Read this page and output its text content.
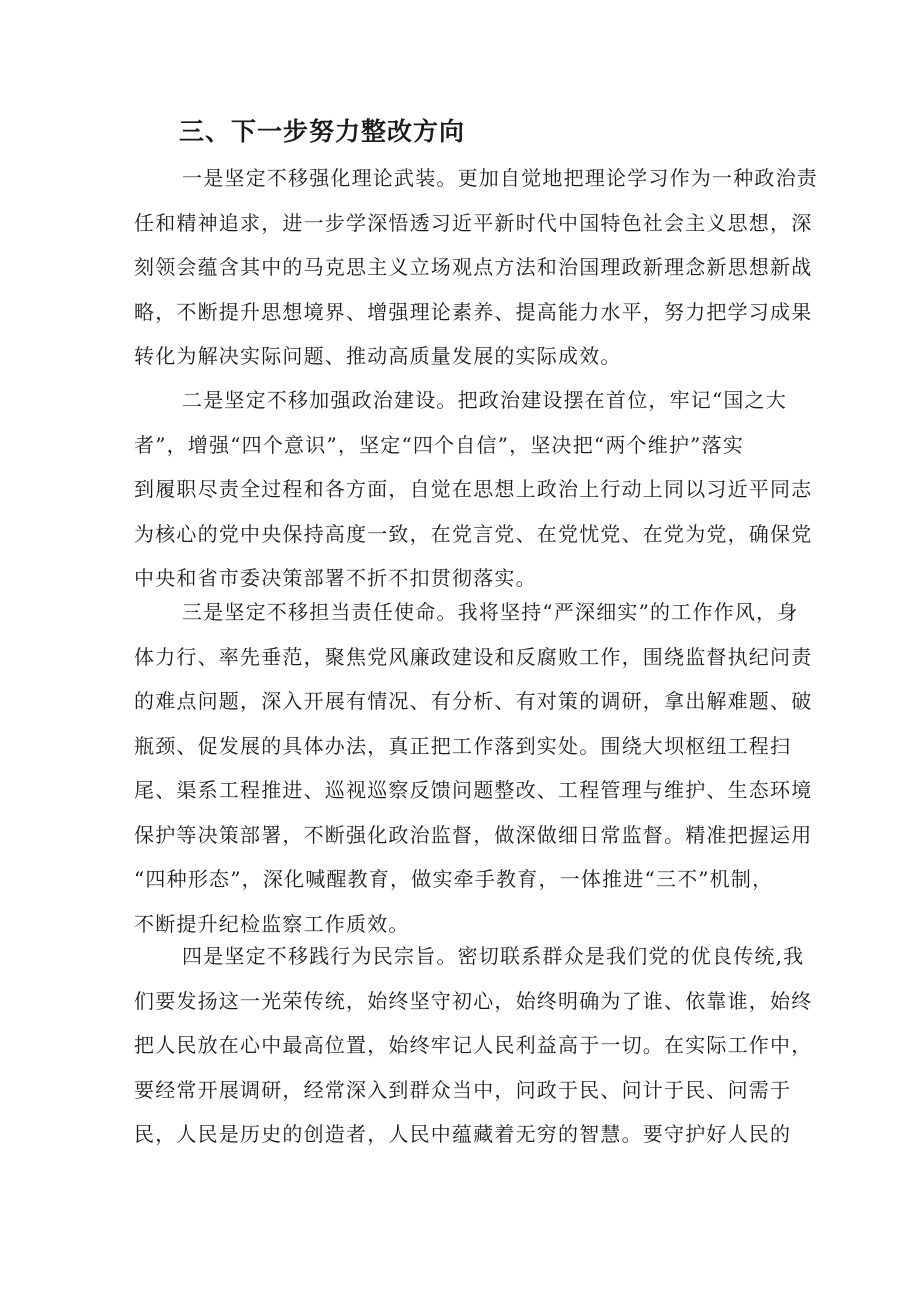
三、下一步努力整改方向

一是坚定不移强化理论武装。更加自觉地把理论学习作为一种政治责
任和精神追求，进一步学深悟透习近平新时代中国特色社会主义思想，深
刻领会蕴含其中的马克思主义立场观点方法和治国理政新理念新思想新战
略，不断提升思想境界、增强理论素养、提高能力水平，努力把学习成果
转化为解决实际问题、推动高质量发展的实际成效。

二是坚定不移加强政治建设。把政治建设摆在首位，牢记“国之大
者”，增强“四个意识”，坚定“四个自信”，坚决把“两个维护”落实
到履职尽责全过程和各方面，自觉在思想上政治上行动上同以习近平同志
为核心的党中央保持高度一致，在党言党、在党忧党、在党为党，确保党
中央和省市委决策部署不折不扣贯彻落实。

三是坚定不移担当责任使命。我将坚持“严深细实”的工作作风，身
体力行、率先垂范，聚焦党风廉政建设和反腐败工作，围绕监督执纪问责
的难点问题，深入开展有情况、有分析、有对策的调研，拿出解难题、破
瓶颈、促发展的具体办法，真正把工作落到实处。围绕大坝枢纽工程扫
尾、渠系工程推进、巡视巡察反馈问题整改、工程管理与维护、生态环境
保护等决策部署，不断强化政治监督，做深做细日常监督。精准把握运用
“四种形态”，深化喊醒教育，做实牵手教育，一体推进“三不”机制，
不断提升纪检监察工作质效。

四是坚定不移践行为民宗旨。密切联系群众是我们党的优良传统,我
们要发扬这一光荣传统，始终坚守初心，始终明确为了谁、依靠谁，始终
把人民放在心中最高位置，始终牢记人民利益高于一切。在实际工作中，
要经常开展调研，经常深入到群众当中，问政于民、问计于民、问需于
民，人民是历史的创造者，人民中蕴藏着无穷的智慧。要守护好人民的
